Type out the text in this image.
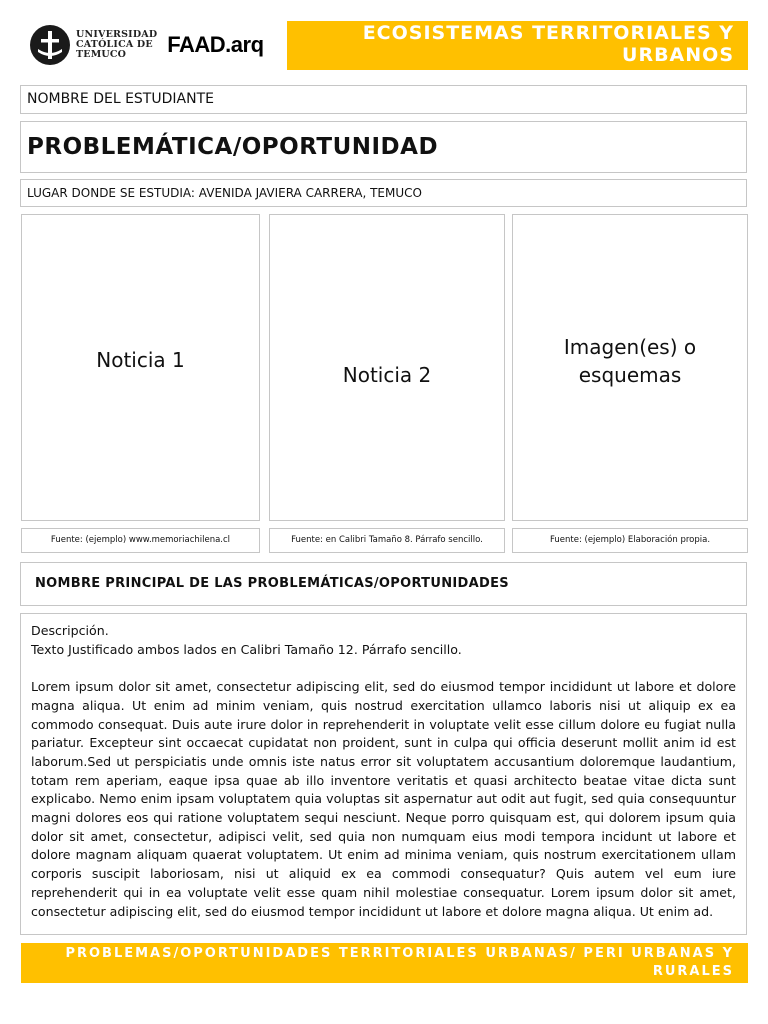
UNIVERSIDAD
CATÓLICA DE
TEMUCO	FAAD.arq	ECOSISTEMAS TERRITORIALES Y URBANOS
NOMBRE DEL ESTUDIANTE
PROBLEMÁTICA/OPORTUNIDAD
LUGAR DONDE SE ESTUDIA: AVENIDA JAVIERA CARRERA, TEMUCO
Noticia 1
Noticia 2
Imagen(es) o esquemas
Fuente: (ejemplo) www.memoriachilena.cl	Fuente: en Calibri Tamaño 8. Párrafo sencillo.	Fuente: (ejemplo) Elaboración propia.
NOMBRE PRINCIPAL DE LAS PROBLEMÁTICAS/OPORTUNIDADES

Descripción.

Texto Justificado ambos lados en Calibri Tamaño 12. Párrafo sencillo.

Lorem ipsum dolor sit amet, consectetur adipiscing elit, sed do eiusmod tempor incididunt ut labore et dolore magna aliqua. Ut enim ad minim veniam, quis nostrud exercitation ullamco laboris nisi ut aliquip ex ea commodo consequat. Duis aute irure dolor in reprehenderit in voluptate velit esse cillum dolore eu fugiat nulla pariatur. Excepteur sint occaecat cupidatat non proident, sunt in culpa qui officia deserunt mollit anim id est laborum.Sed ut perspiciatis unde omnis iste natus error sit voluptatem accusantium doloremque laudantium, totam rem aperiam, eaque ipsa quae ab illo inventore veritatis et quasi architecto beatae vitae dicta sunt explicabo. Nemo enim ipsam voluptatem quia voluptas sit aspernatur aut odit aut fugit, sed quia consequuntur magni dolores eos qui ratione voluptatem sequi nesciunt. Neque porro quisquam est, qui dolorem ipsum quia dolor sit amet, consectetur, adipisci velit, sed quia non numquam eius modi tempora incidunt ut labore et dolore magnam aliquam quaerat voluptatem. Ut enim ad minima veniam, quis nostrum exercitationem ullam corporis suscipit laboriosam, nisi ut aliquid ex ea commodi consequatur? Quis autem vel eum iure reprehenderit qui in ea voluptate velit esse quam nihil molestiae consequatur. Lorem ipsum dolor sit amet, consectetur adipiscing elit, sed do eiusmod tempor incididunt ut labore et dolore magna aliqua. Ut enim ad.

PROBLEMAS/OPORTUNIDADES TERRITORIALES URBANAS/ PERI URBANAS Y RURALES
